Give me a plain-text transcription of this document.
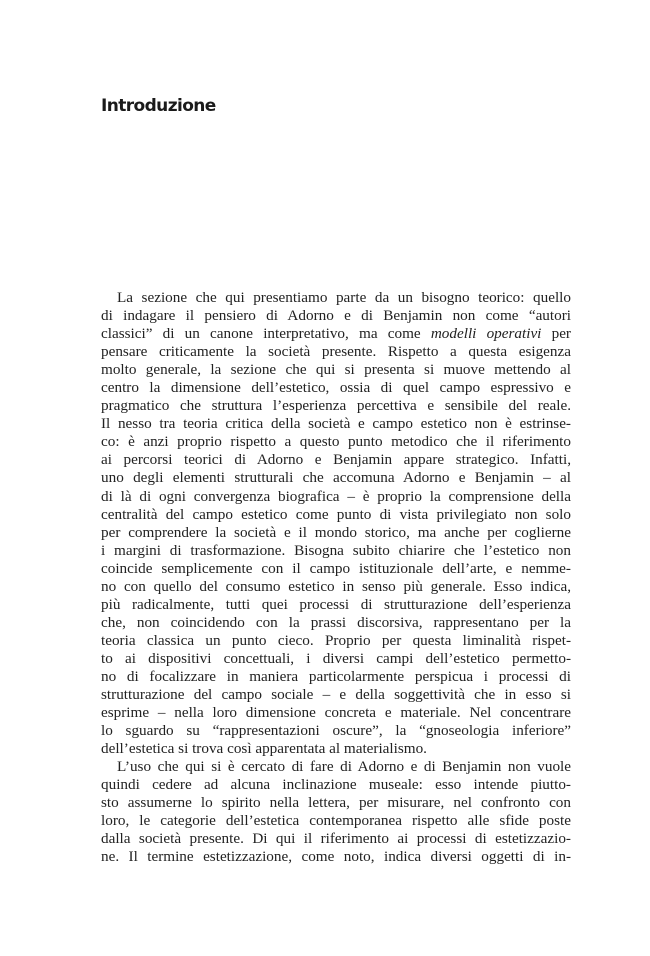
Introduzione

La sezione che qui presentiamo parte da un bisogno teorico: quello
di indagare il pensiero di Adorno e di Benjamin non come “autori
classici” di un canone interpretativo, ma come modelli operativi per
pensare criticamente la società presente. Rispetto a questa esigenza
molto generale, la sezione che qui si presenta si muove mettendo al
centro la dimensione dell’estetico, ossia di quel campo espressivo e
pragmatico che struttura l’esperienza percettiva e sensibile del reale.
Il nesso tra teoria critica della società e campo estetico non è estrinse-
co: è anzi proprio rispetto a questo punto metodico che il riferimento
ai percorsi teorici di Adorno e Benjamin appare strategico. Infatti,
uno degli elementi strutturali che accomuna Adorno e Benjamin – al
di là di ogni convergenza biografica – è proprio la comprensione della
centralità del campo estetico come punto di vista privilegiato non solo
per comprendere la società e il mondo storico, ma anche per coglierne
i margini di trasformazione. Bisogna subito chiarire che l’estetico non
coincide semplicemente con il campo istituzionale dell’arte, e nemme-
no con quello del consumo estetico in senso più generale. Esso indica,
più radicalmente, tutti quei processi di strutturazione dell’esperienza
che, non coincidendo con la prassi discorsiva, rappresentano per la
teoria classica un punto cieco. Proprio per questa liminalità rispet-
to ai dispositivi concettuali, i diversi campi dell’estetico permetto-
no di focalizzare in maniera particolarmente perspicua i processi di
strutturazione del campo sociale – e della soggettività che in esso si
esprime – nella loro dimensione concreta e materiale. Nel concentrare
lo sguardo su “rappresentazioni oscure”, la “gnoseologia inferiore”
dell’estetica si trova così apparentata al materialismo.

L’uso che qui si è cercato di fare di Adorno e di Benjamin non vuole
quindi cedere ad alcuna inclinazione museale: esso intende piutto-
sto assumerne lo spirito nella lettera, per misurare, nel confronto con
loro, le categorie dell’estetica contemporanea rispetto alle sfide poste
dalla società presente. Di qui il riferimento ai processi di estetizzazio-
ne. Il termine estetizzazione, come noto, indica diversi oggetti di in-
